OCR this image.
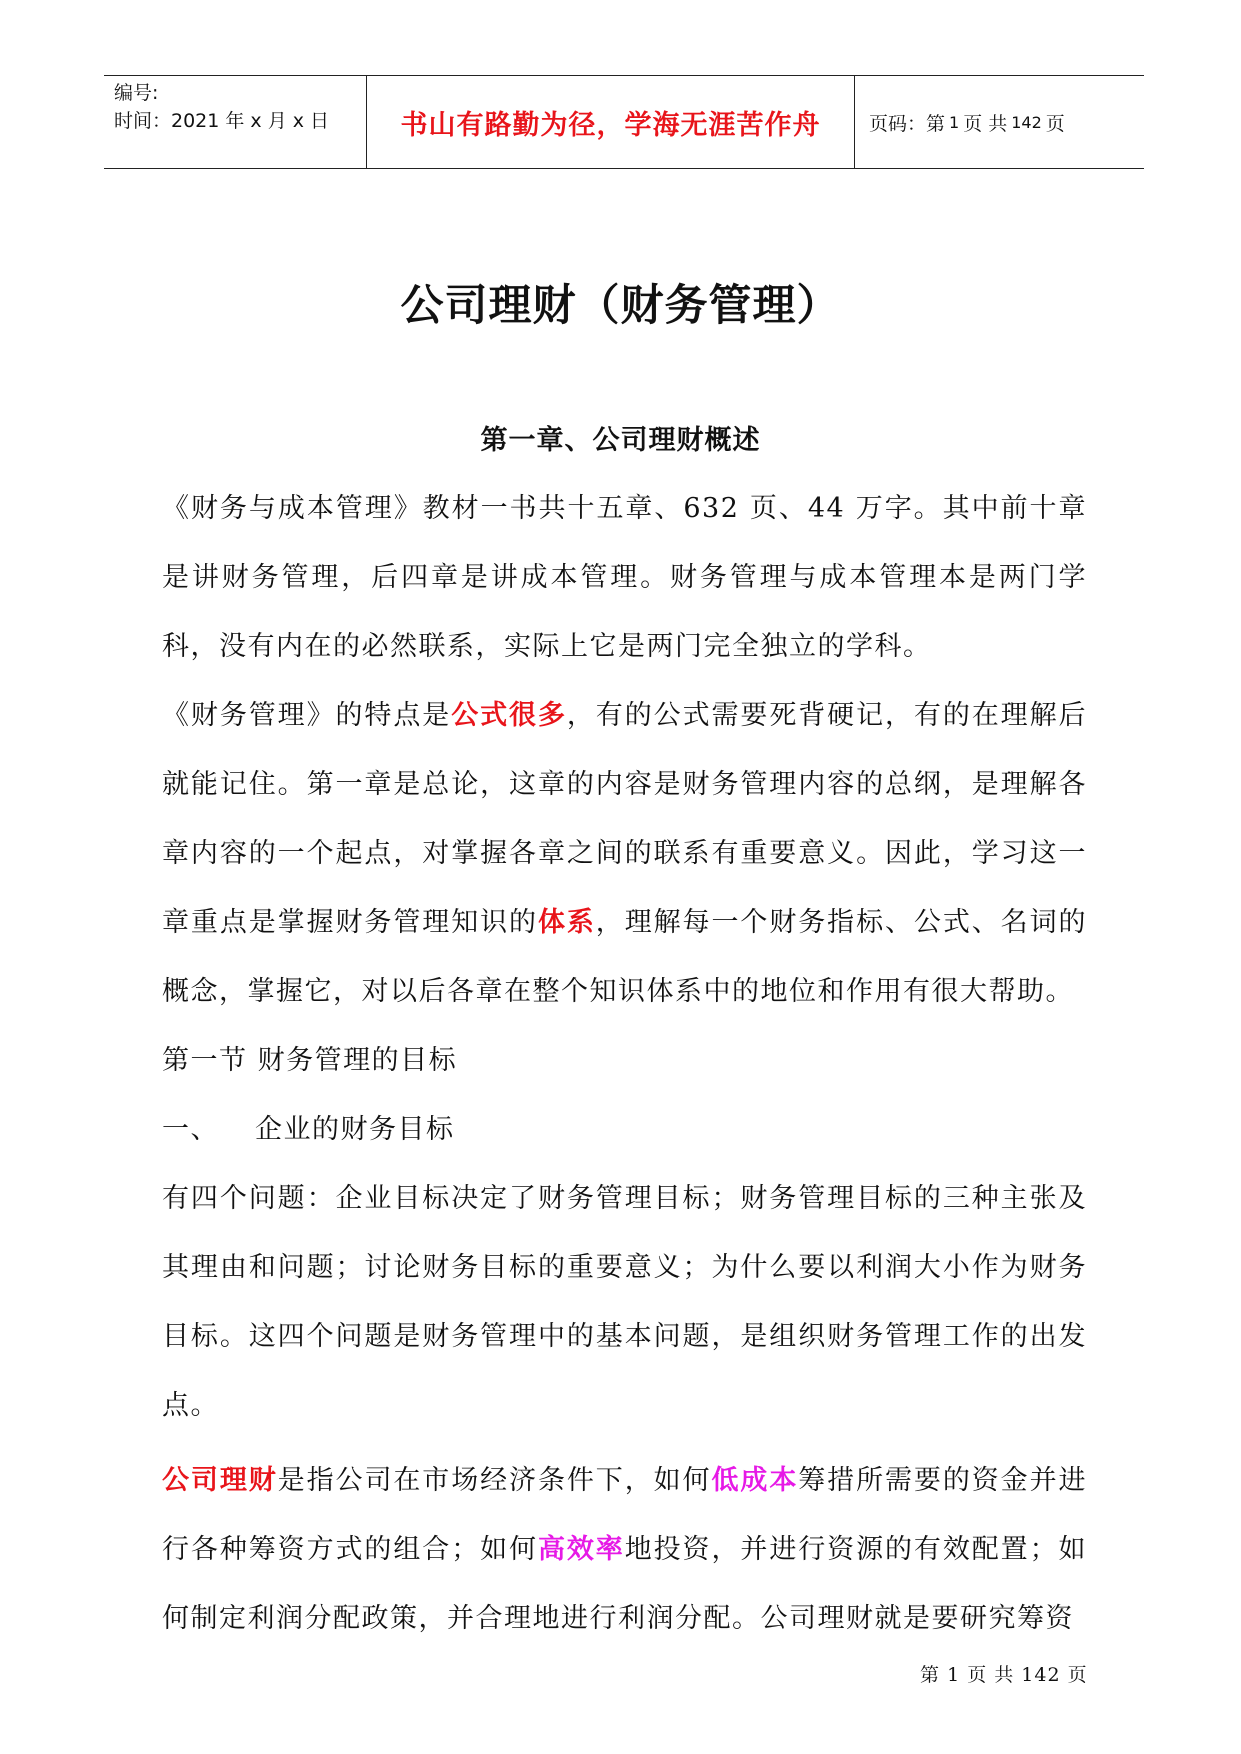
编号:
时间：2021 年 x 月 x 日	书山有路勤为径，学海无涯苦作舟	页码：第 1 页 共 142 页
公司理财（财务管理）
第一章、公司理财概述

《财务与成本管理》教材一书共十五章、632 页、44 万字。其中前十章是讲财务管理，后四章是讲成本管理。财务管理与成本管理本是两门学科，没有内在的必然联系，实际上它是两门完全独立的学科。

《财务管理》的特点是公式很多，有的公式需要死背硬记，有的在理解后就能记住。第一章是总论，这章的内容是财务管理内容的总纲，是理解各章内容的一个起点，对掌握各章之间的联系有重要意义。因此，学习这一章重点是掌握财务管理知识的体系，理解每一个财务指标、公式、名词的概念，掌握它，对以后各章在整个知识体系中的地位和作用有很大帮助。

第一节 财务管理的目标

一、 企业的财务目标

有四个问题：企业目标决定了财务管理目标；财务管理目标的三种主张及其理由和问题；讨论财务目标的重要意义；为什么要以利润大小作为财务目标。这四个问题是财务管理中的基本问题，是组织财务管理工作的出发点。

公司理财是指公司在市场经济条件下，如何低成本筹措所需要的资金并进行各种筹资方式的组合；如何高效率地投资，并进行资源的有效配置；如何制定利润分配政策，并合理地进行利润分配。公司理财就是要研究筹资

第 1 页 共 142 页
